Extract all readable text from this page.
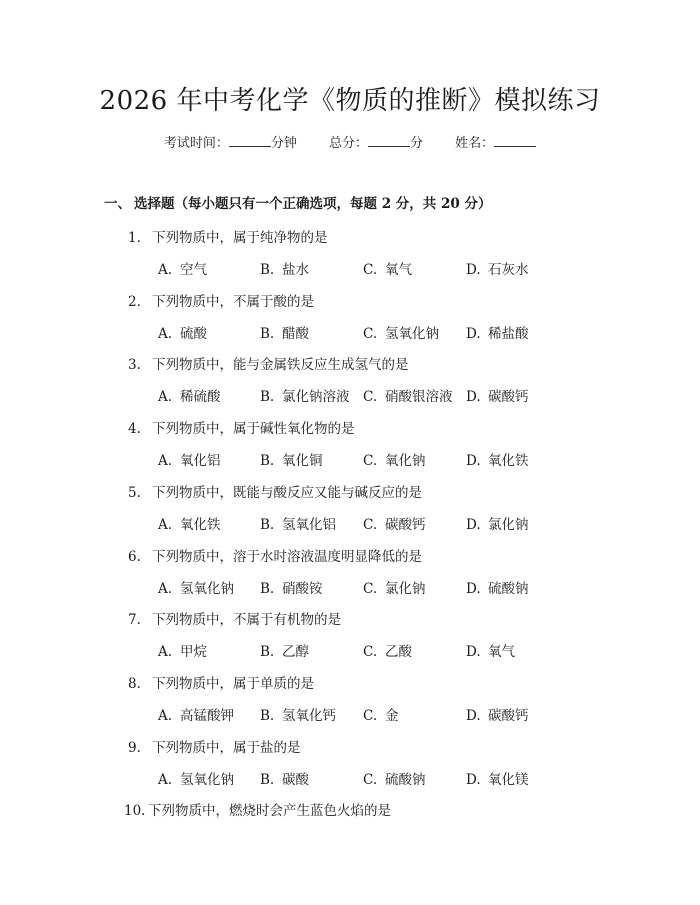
2026 年中考化学《物质的推断》模拟练习
考试时间：	分钟 总分：	分 姓名：
一、 选择题（每小题只有一个正确选项，每题 2 分，共 20 分）
1. 下列物质中，属于纯净物的是
A. 空气	B. 盐水	C. 氧气	D. 石灰水
2. 下列物质中，不属于酸的是
A. 硫酸	B. 醋酸	C. 氢氧化钠 D. 稀盐酸
3. 下列物质中，能与金属铁反应生成氢气的是
A. 稀硫酸	B. 氯化钠溶液 C. 硝酸银溶液 D. 碳酸钙
4. 下列物质中，属于碱性氧化物的是
A. 氧化铝	B. 氧化铜	C. 氧化钠	D. 氧化铁
5. 下列物质中，既能与酸反应又能与碱反应的是
A. 氧化铁	B. 氢氧化铝 C. 碳酸钙	D. 氯化钠
6. 下列物质中，溶于水时溶液温度明显降低的是
A. 氢氧化钠 B. 硝酸铵	C. 氯化钠	D. 硫酸钠
7. 下列物质中，不属于有机物的是
A. 甲烷	B. 乙醇	C. 乙酸	D. 氧气
8. 下列物质中，属于单质的是
A. 高锰酸钾 B. 氢氧化钙 C. 金	D. 碳酸钙
9. 下列物质中，属于盐的是
A. 氢氧化钠 B. 碳酸	C. 硫酸钠	D. 氧化镁
10. 下列物质中，燃烧时会产生蓝色火焰的是
